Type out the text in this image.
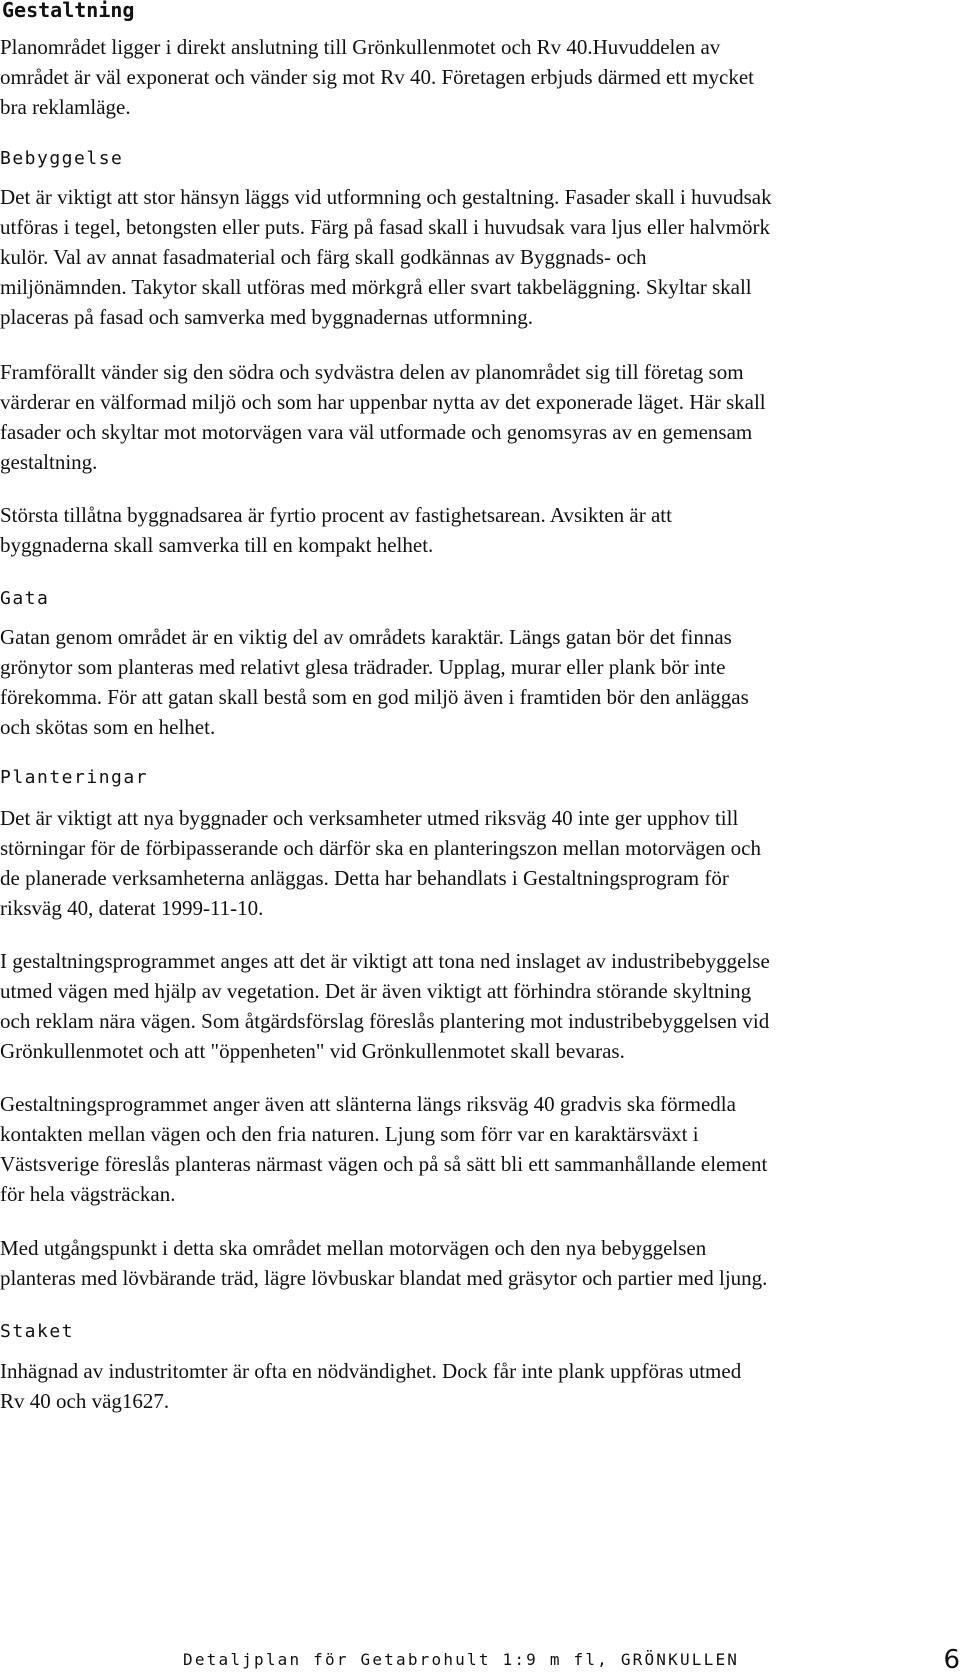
Gestaltning
Planområdet ligger i direkt anslutning till Grönkullenmotet och Rv 40.Huvuddelen av
området är väl exponerat och vänder sig mot Rv 40. Företagen erbjuds därmed ett mycket
bra reklamläge.
Bebyggelse
Det är viktigt att stor hänsyn läggs vid utformning och gestaltning. Fasader skall i huvudsak
utföras i tegel, betongsten eller puts. Färg på fasad skall i huvudsak vara ljus eller halvmörk
kulör. Val av annat fasadmaterial och färg skall godkännas av Byggnads- och
miljönämnden. Takytor skall utföras med mörkgrå eller svart takbeläggning. Skyltar skall
placeras på fasad och samverka med byggnadernas utformning.
Framförallt vänder sig den södra och sydvästra delen av planområdet sig till företag som
värderar en välformad miljö och som har uppenbar nytta av det exponerade läget. Här skall
fasader och skyltar mot motorvägen vara väl utformade och genomsyras av en gemensam
gestaltning.
Största tillåtna byggnadsarea är fyrtio procent av fastighetsarean. Avsikten är att
byggnaderna skall samverka till en kompakt helhet.
Gata
Gatan genom området är en viktig del av områdets karaktär. Längs gatan bör det finnas
grönytor som planteras med relativt glesa trädrader. Upplag, murar eller plank bör inte
förekomma. För att gatan skall bestå som en god miljö även i framtiden bör den anläggas
och skötas som en helhet.
Planteringar
Det är viktigt att nya byggnader och verksamheter utmed riksväg 40 inte ger upphov till
störningar för de förbipasserande och därför ska en planteringszon mellan motorvägen och
de planerade verksamheterna anläggas. Detta har behandlats i Gestaltningsprogram för
riksväg 40, daterat 1999-11-10.
I gestaltningsprogrammet anges att det är viktigt att tona ned inslaget av industribebyggelse
utmed vägen med hjälp av vegetation. Det är även viktigt att förhindra störande skyltning
och reklam nära vägen. Som åtgärdsförslag föreslås plantering mot industribebyggelsen vid
Grönkullenmotet och att "öppenheten" vid Grönkullenmotet skall bevaras.
Gestaltningsprogrammet anger även att slänterna längs riksväg 40 gradvis ska förmedla
kontakten mellan vägen och den fria naturen. Ljung som förr var en karaktärsväxt i
Västsverige föreslås planteras närmast vägen och på så sätt bli ett sammanhållande element
för hela vägsträckan.
Med utgångspunkt i detta ska området mellan motorvägen och den nya bebyggelsen
planteras med lövbärande träd, lägre lövbuskar blandat med gräsytor och partier med ljung.
Staket
Inhägnad av industritomter är ofta en nödvändighet. Dock får inte plank uppföras utmed
Rv 40 och väg1627.
Detaljplan för Getabrohult 1:9 m fl, GRÖNKULLEN	6
